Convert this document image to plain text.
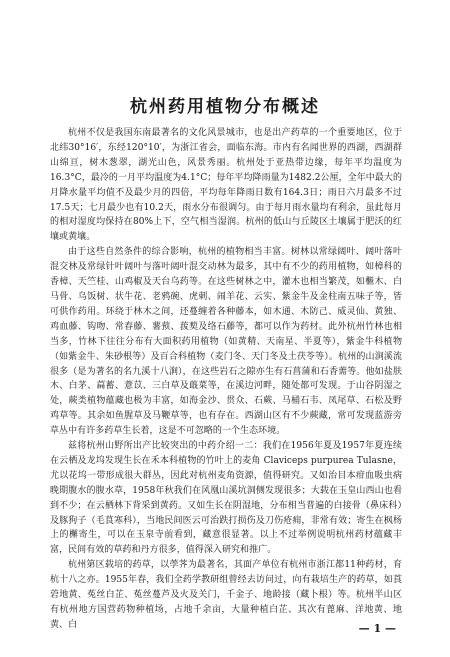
杭州药用植物分布概述

杭州不仅是我国东南最著名的文化风景城市，也是出产药草的一个重要地区，位于北纬30°16′，东经120°10′，为浙江省会，面临东海。市内有名闻世界的西湖，西湖群山绵亘，树木葱翠，湖光山色，风景秀丽。杭州处于亚热带边缘，每年平均温度为16.3°C，最冷的一月平均温度为4.1°C；每年平均降雨量为1482.2公厘，全年中最大的月降水量平均值不及最少月的四倍，平均每年降雨日数有164.3日；雨日六月最多不过17.5天；七月最少也有10.2天，雨水分布很调匀。由于每月雨水量均有利余，虽此每月的相对湿度均保持在80%上下，空气相当湿润。杭州的低山与丘陵区土壤属于肥沃的红壤或黄壤。

由于这些自然条件的综合影响，杭州的植物相当丰富。树林以常绿阔叶、阔叶落叶混交林及常绿针叶阔叶与落叶阔叶混交动林为最多，其中有不少的药用植物，如樟科的香樟、天竺桂、山鸡椒及天台乌药等。在这些树林之中，灌木也相当繁茂，如檵木、白马骨、乌饭树、状牛花、老鸦碗、虎刺、闹羊花、云实、紫金牛及金柱南五味子等，皆可供作药用。环绕于林木之间，还蔓缠着各种藤本，如木通、木防己、威灵仙、黄独、鸡血藤、钩吻、常春藤、薯蓣、菝葜及络石藤等，都可以作为药材。此外杭州竹林也相当多，竹林下往往分布有大面积药用植物（如黄精、天南星、半夏等），紫金牛科植物（如紫金牛、朱砂根等）及百合科植物（麦门冬、天门冬及土茯苓等）。杭州的山涧溪流很多（是为著名的名九溪十八涧），在这些岩石之隙亦生有石菖蒲和石香薷等。他如盐肤木、白茅、萹蓄、薏苡、三白草及蕺菜等，在溪边河畔，随处都可发现。于山谷阴湿之处，蕨类植物蕴藏也极为丰富，如海金沙、贯众、石蕨、马桶石韦、凤尾草、石松及野鸡草等。其余如鱼腥草及马鞭草等，也有存在。西湖山区有不少蕨藏，常可发现蓝游旁草丛中有许多药草生长着，这是不可忽略的一个生态环境。

兹将杭州山野所出产比较突出的中药介绍一二：我们在1956年夏及1957年夏连续在云栖及龙坞发现生长在禾本科植物的竹叶上的麦角 Claviceps purpurea Tulasne，尤以花坞一带形成很大群丛，因此对杭州麦角资源，值得研究。又如治目本疳血吸虫病晚期腹水的腹水草，1958年秋我们在风凰山溪坑洞侧发现很多；大载在玉皇山西山也看到不少；在云栖林下背采到黄药。又如生长在阴湿地，分布相当普遍的白接骨（鼻床科）及豚狗子（毛茛寒科），当地民间医云可治跌打损伤及刀伤疮痈，非常有效；寄生在枫杨上的檞寄生，可以在玉泉寺前看到，藏意很显著。以上不过举例说明杭州药材蕴藏丰富，民间有效的草药和丹方很多，值得深入研究和推广。

杭州第区载培的药草，以荸荠为最著名，其面产单位有杭州市浙江都11种药材，育杭十八之亦。1955年春，我们全药学教研组曾经去访问过，向有栽培生产的药草，如莨菪地黄、菟丝白芷、菟丝蔓芦及火及关门，千金子、地龄接（藏卜根）等。杭州半山区有杭州地方国营药物种植场，占地千余亩，大量种植白芷、其次有蓖麻、洋地黄、地黄、白	— 1 —
